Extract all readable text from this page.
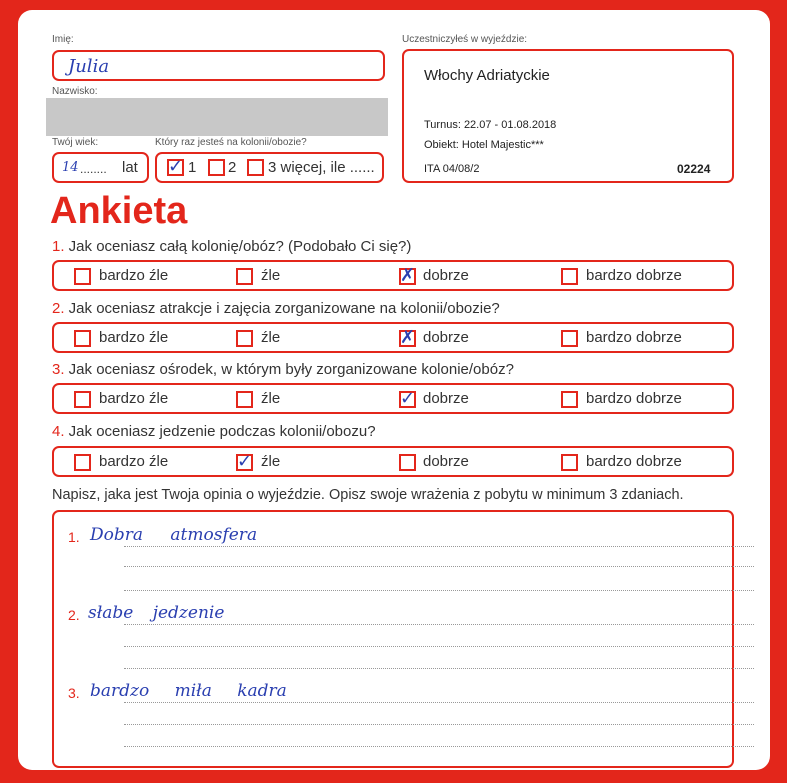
Imię:
Julia
Nazwisko:
Twój wiek:
14 ........ lat
Który raz jesteś na kolonii/obozie?
✓ 1 2 3 więcej, ile ......
Uczestniczyłeś w wyjeździe:
Włochy Adriatyckie
Turnus: 22.07 - 01.08.2018
Obiekt: Hotel Majestic***
ITA 04/08/2	02224
Ankieta
1. Jak oceniasz całą kolonię/obóz? (Podobało Ci się?)
bardzo źle	źle	✗ dobrze	bardzo dobrze
2. Jak oceniasz atrakcje i zajęcia zorganizowane na kolonii/obozie?
bardzo źle	źle	✗ dobrze	bardzo dobrze
3. Jak oceniasz ośrodek, w którym były zorganizowane kolonie/obóz?
bardzo źle	źle	✓ dobrze	bardzo dobrze
4. Jak oceniasz jedzenie podczas kolonii/obozu?
bardzo źle	✓ źle	dobrze	bardzo dobrze
Napisz, jaka jest Twoja opinia o wyjeździe. Opisz swoje wrażenia z pobytu w minimum 3 zdaniach.
1. Dobra atmosfera
2. słabe jedzenie
3. bardzo miła kadra
